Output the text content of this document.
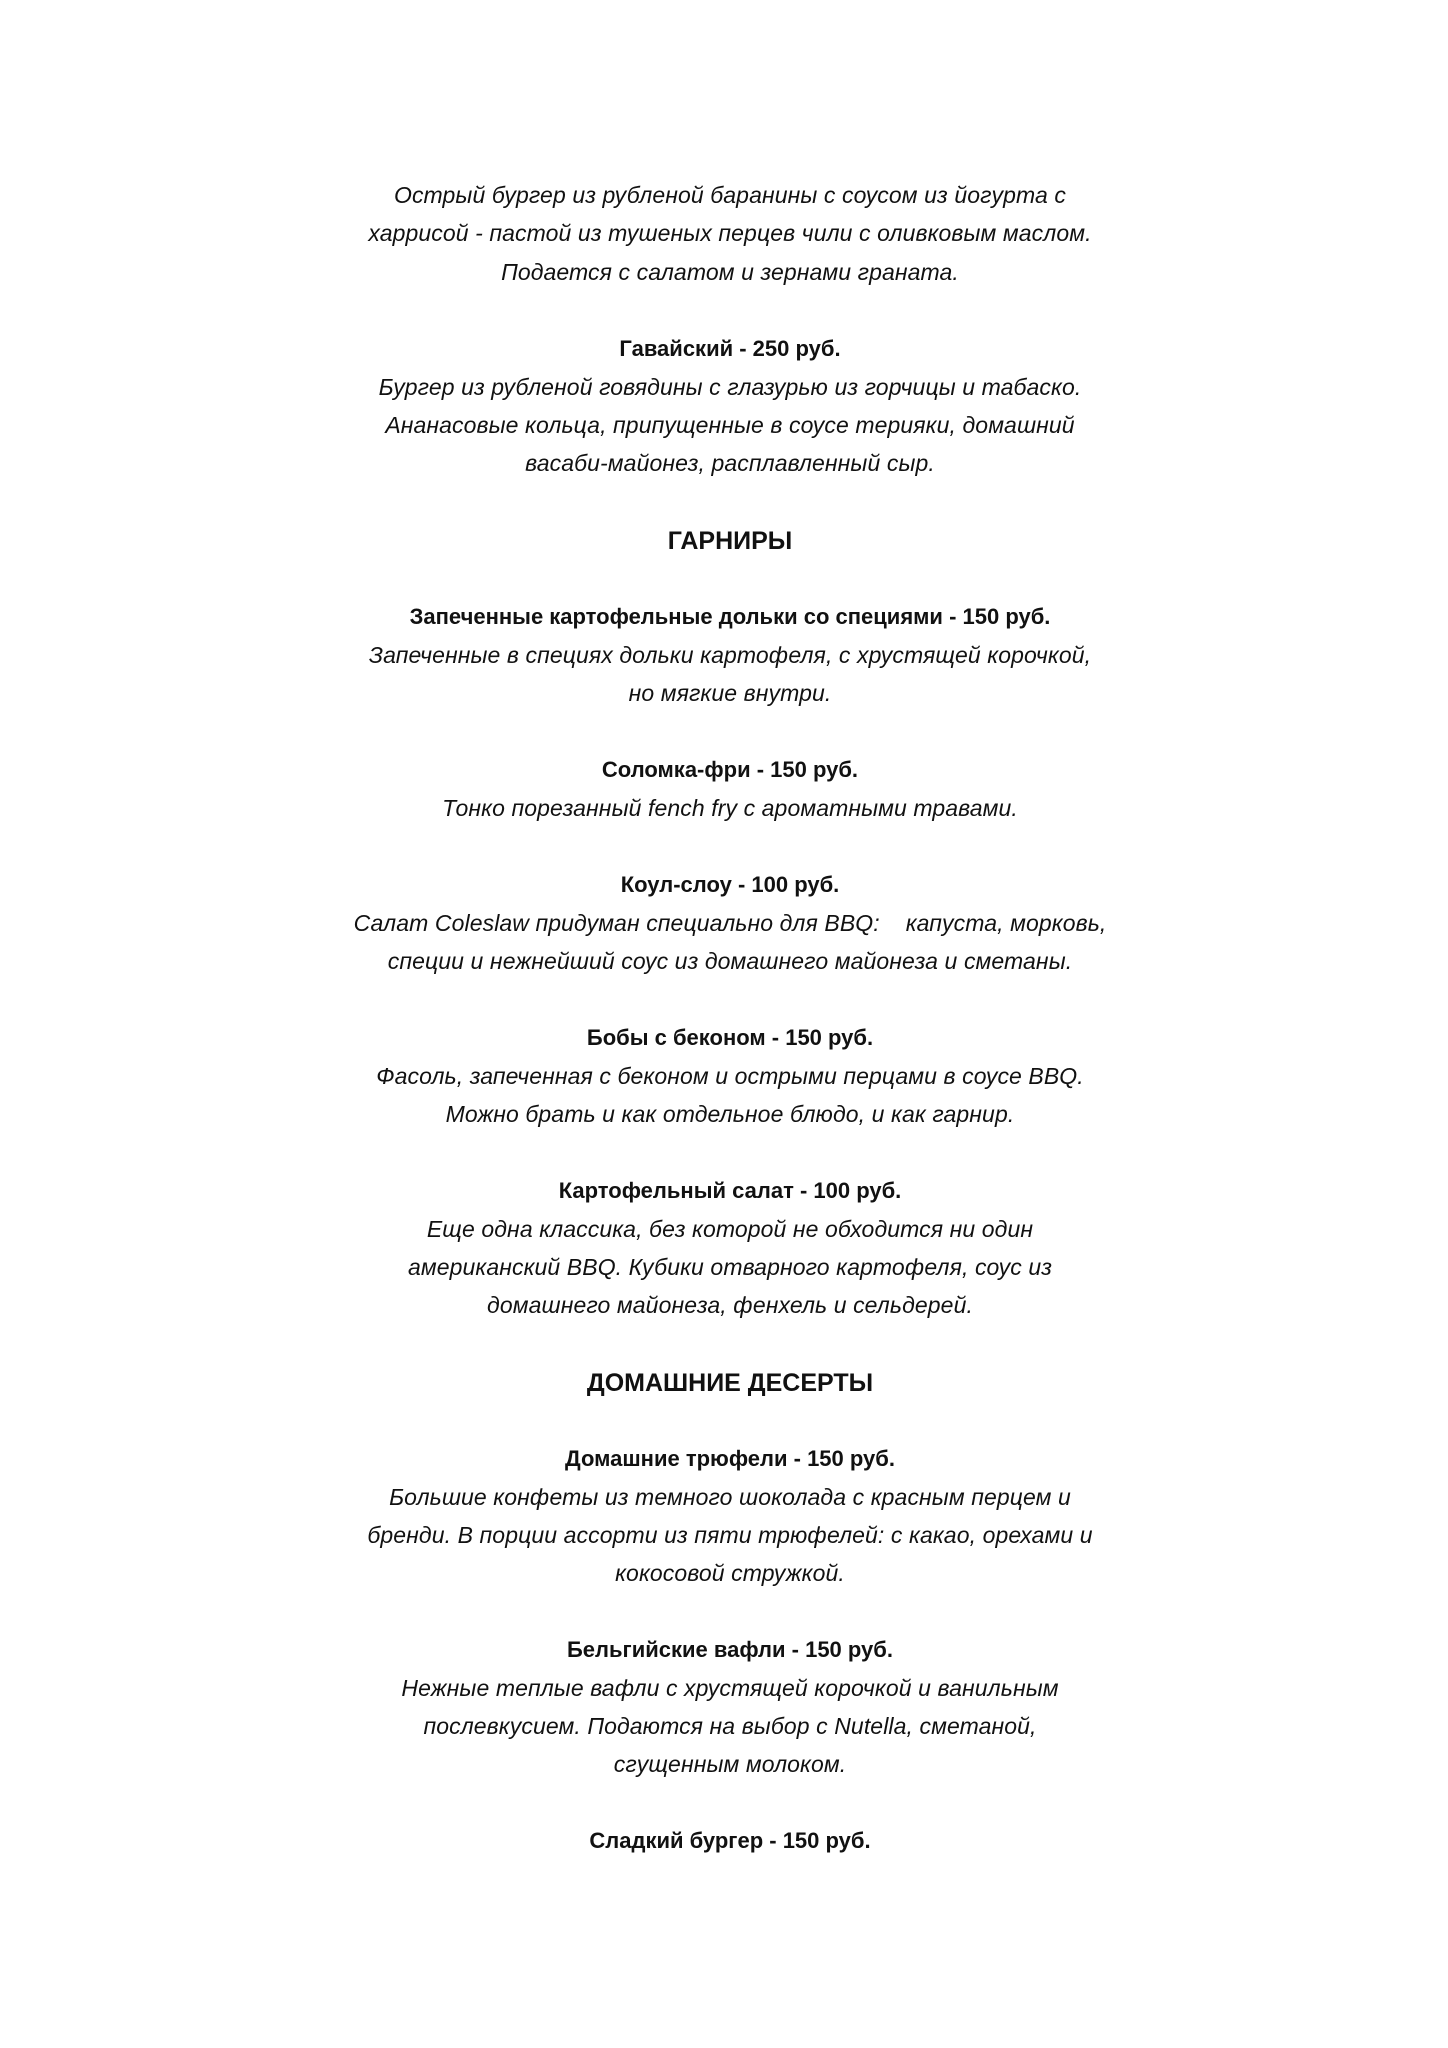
Острый бургер из рубленой баранины с соусом из йогурта с
харрисой - пастой из тушеных перцев чили с оливковым маслом.
Подается с салатом и зернами граната.
Гавайский - 250 руб.
Бургер из рубленой говядины с глазурью из горчицы и табаско.
Ананасовые кольца, припущенные в соусе терияки, домашний
васаби-майонез, расплавленный сыр.
ГАРНИРЫ
Запеченные картофельные дольки со специями - 150 руб.
Запеченные в специях дольки картофеля, с хрустящей корочкой,
но мягкие внутри.
Соломка-фри - 150 руб.
Тонко порезанный fench fry с ароматными травами.
Коул-слоу - 100 руб.
Салат Coleslaw придуман специально для BBQ:    капуста, морковь,
специи и нежнейший соус из домашнего майонеза и сметаны.
Бобы с беконом - 150 руб.
Фасоль, запеченная с беконом и острыми перцами в соусе BBQ.
Можно брать и как отдельное блюдо, и как гарнир.
Картофельный салат - 100 руб.
Еще одна классика, без которой не обходится ни один
американский BBQ. Кубики отварного картофеля, соус из
домашнего майонеза, фенхель и сельдерей.
ДОМАШНИЕ ДЕСЕРТЫ
Домашние трюфели - 150 руб.
Большие конфеты из темного шоколада с красным перцем и
бренди. В порции ассорти из пяти трюфелей: с какао, орехами и
кокосовой стружкой.
Бельгийские вафли - 150 руб.
Нежные теплые вафли с хрустящей корочкой и ванильным
послевкусием. Подаются на выбор с Nutella, сметаной,
сгущенным молоком.
Сладкий бургер - 150 руб.
